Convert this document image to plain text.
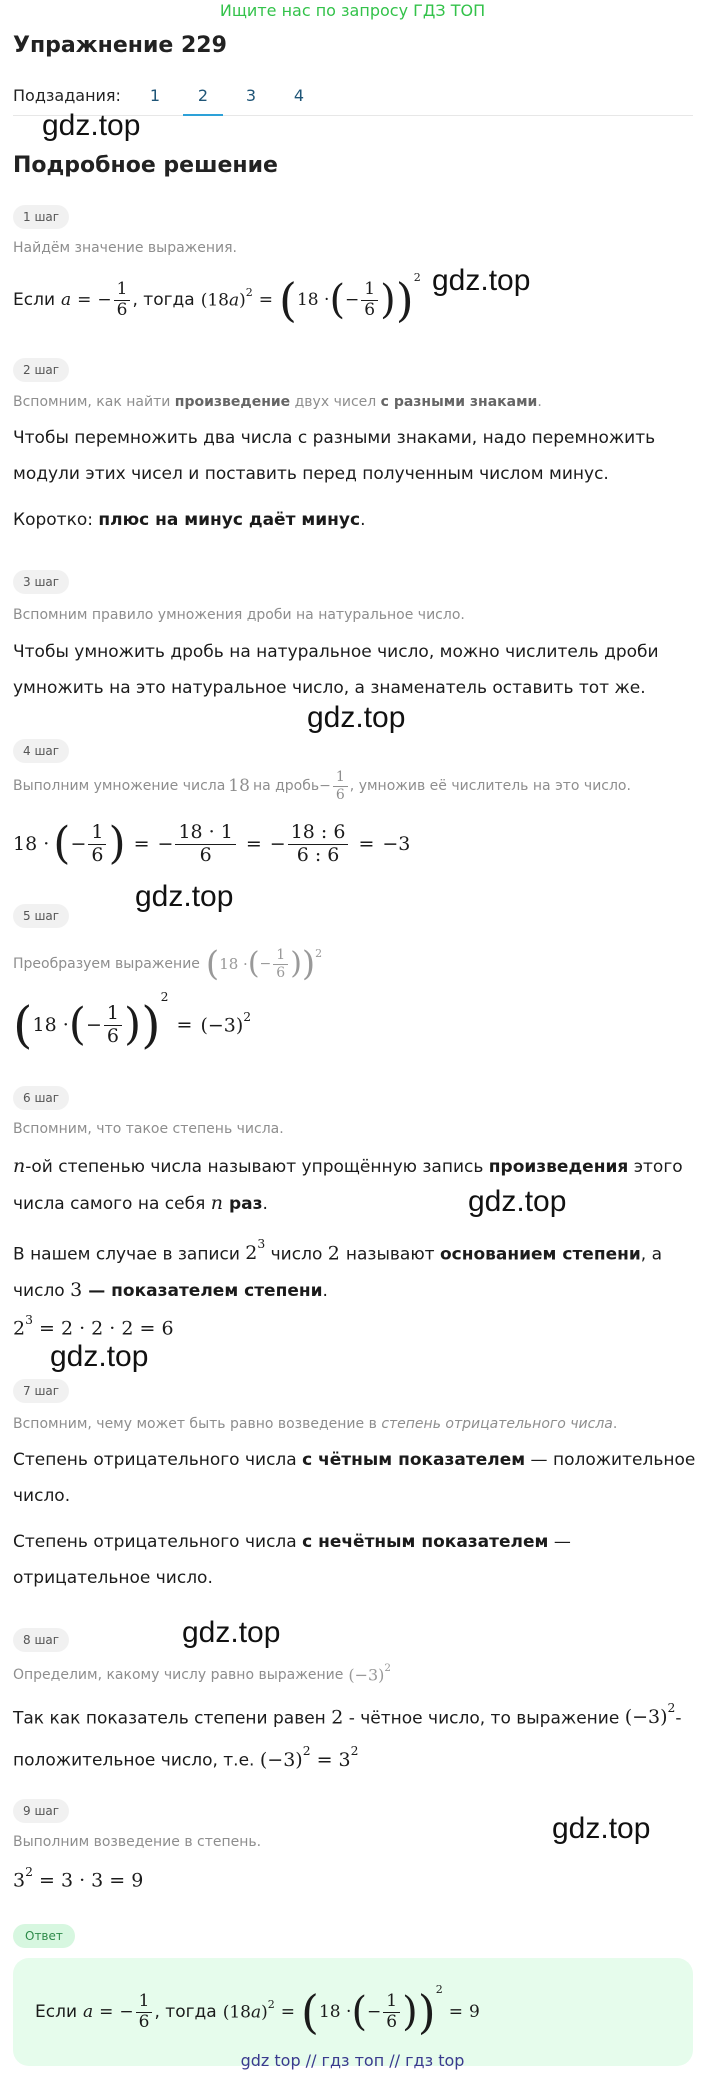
Ищите нас по запросу ГДЗ ТОП
Упражнение 229
Подзадания:	1	2	3	4
gdz.top
gdz.top
gdz.top
gdz.top
gdz.top
gdz.top
gdz.top
gdz.top
Подробное решение
1 шаг
Найдём значение выражения.
Если a = − $\frac{1}{6}$ , тогда $(18a)^2$ = ( 18 · ( − $\frac{1}{6}$ ) ) 2
2 шаг
Вспомним, как найти произведение двух чисел с разными знаками.
Чтобы перемножить два числа с разными знаками, надо перемножить модули этих чисел и поставить перед полученным числом минус.
Коротко: плюс на минус даёт минус.
3 шаг
Вспомним правило умножения дроби на натуральное число.
Чтобы умножить дробь на натуральное число, можно числитель дроби умножить на это натуральное число, а знаменатель оставить тот же.
4 шаг
Выполним умножение числа 18 на дробь − $\frac{1}{6}$ , умножив её числитель на это число.
18 · ( − $\frac{1}{6}$ ) = − $\frac{18 \cdot 1}{6}$ = − $\frac{18 : 6}{6 : 6} = -3$
5 шаг
Преобразуем выражение ( 18 · ( − $\frac{1}{6}$ ) ) 2
( 18 · ( − $\frac{1}{6}$ ) ) 2
= $(-3)^2$
6 шаг
Вспомним, что такое степень числа.
n-ой степенью числа называют упрощённую запись произведения этого числа самого на себя n раз.
В нашем случае в записи $2^3$ число 2 называют основанием степени, а число 3 — показателем степени.
$2^3 = 2 \cdot 2 \cdot 2 = 6$
7 шаг
Вспомним, чему может быть равно возведение в степень отрицательного числа.
Степень отрицательного числа с чётным показателем — положительное число.
Степень отрицательного числа с нечётным показателем — отрицательное число.
8 шаг
Определим, какому числу равно выражение $(-3)^2$
Так как показатель степени равен 2 - чётное число, то выражение $(-3)^2-$
положительное число, т.е. $(-3)^2 = 3^2$
9 шаг
Выполним возведение в степень.
$3^2 = 3 \cdot 3 = 9$
Ответ
Если a = − $\frac{1}{6}$ , тогда $(18a)^2$ = ( 18 · ( − $\frac{1}{6}$ ) ) 2
= 9
gdz top // гдз топ // гдз top
